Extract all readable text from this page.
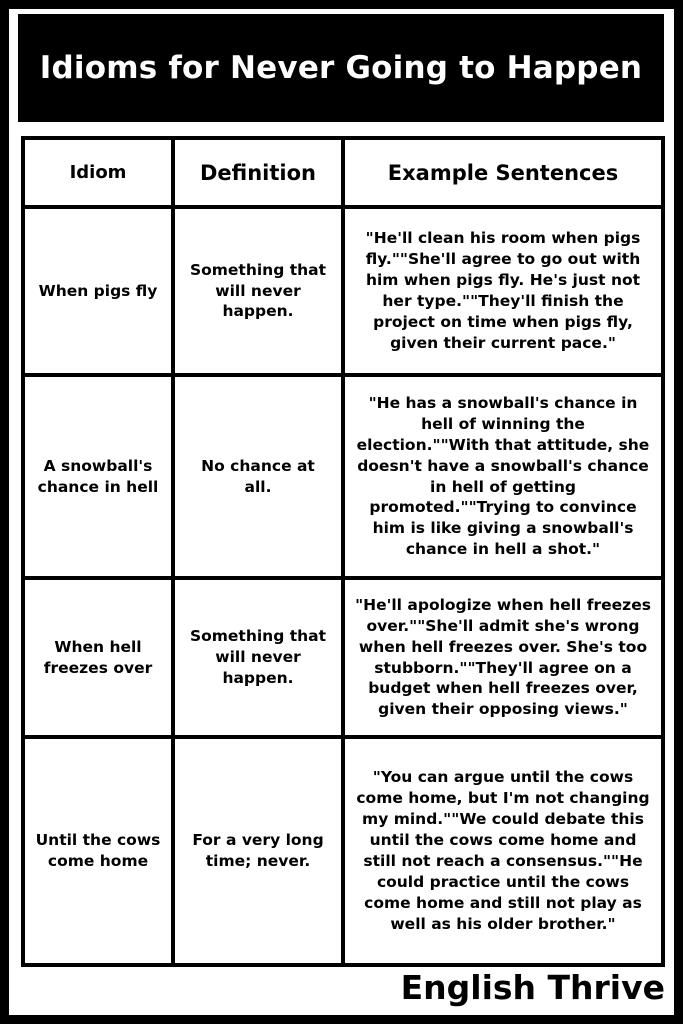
Idioms for Never Going to Happen
Idiom	Definition	Example Sentences
When pigs fly	Something that will never happen.	"He'll clean his room when pigs fly.""She'll agree to go out with him when pigs fly. He's just not her type.""They'll finish the project on time when pigs fly, given their current pace."
A snowball's chance in hell	No chance at all.	"He has a snowball's chance in hell of winning the election.""With that attitude, she doesn't have a snowball's chance in hell of getting promoted.""Trying to convince him is like giving a snowball's chance in hell a shot."
When hell freezes over	Something that will never happen.	"He'll apologize when hell freezes over.""She'll admit she's wrong when hell freezes over. She's too stubborn.""They'll agree on a budget when hell freezes over, given their opposing views."
Until the cows come home	For a very long time; never.	"You can argue until the cows come home, but I'm not changing my mind.""We could debate this until the cows come home and still not reach a consensus.""He could practice until the cows come home and still not play as well as his older brother."
English Thrive
